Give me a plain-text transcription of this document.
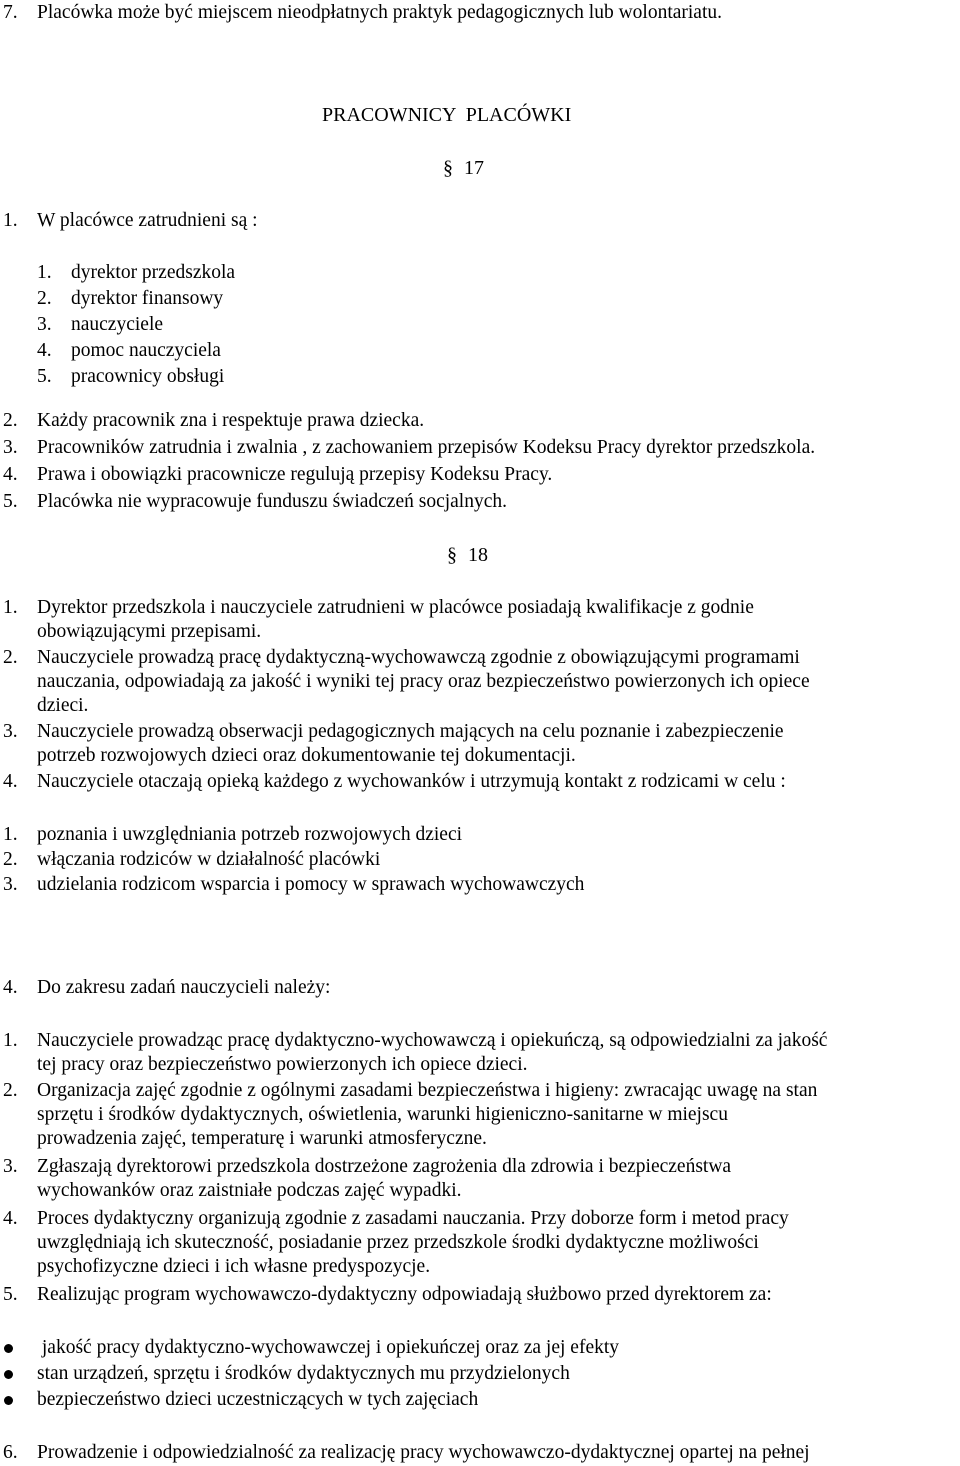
7. Placówka może być miejscem nieodpłatnych praktyk pedagogicznych lub wolontariatu.
PRACOWNICY  PLACÓWKI
§ 17
1. W placówce zatrudnieni są :
1. dyrektor przedszkola
2. dyrektor finansowy
3. nauczyciele
4. pomoc nauczyciela
5. pracownicy obsługi
2. Każdy pracownik zna i respektuje prawa dziecka.
3. Pracowników zatrudnia i zwalnia , z zachowaniem przepisów Kodeksu Pracy dyrektor przedszkola.
4. Prawa i obowiązki pracownicze regulują przepisy Kodeksu Pracy.
5. Placówka nie wypracowuje funduszu świadczeń socjalnych.
§ 18
1. Dyrektor przedszkola i nauczyciele zatrudnieni w placówce posiadają kwalifikacje z godnie
obowiązującymi przepisami.
2. Nauczyciele prowadzą pracę dydaktyczną-wychowawczą zgodnie z obowiązującymi programami
nauczania, odpowiadają za jakość i wyniki tej pracy oraz bezpieczeństwo powierzonych ich opiece
dzieci.
3. Nauczyciele prowadzą obserwacji pedagogicznych mających na celu poznanie i zabezpieczenie
potrzeb rozwojowych dzieci oraz dokumentowanie tej dokumentacji.
4. Nauczyciele otaczają opieką każdego z wychowanków i utrzymują kontakt z rodzicami w celu :
1. poznania i uwzględniania potrzeb rozwojowych dzieci
2. włączania rodziców w działalność placówki
3. udzielania rodzicom wsparcia i pomocy w sprawach wychowawczych
4. Do zakresu zadań nauczycieli należy:
1. Nauczyciele prowadząc pracę dydaktyczno-wychowawczą i opiekuńczą, są odpowiedzialni za jakość
tej pracy oraz bezpieczeństwo powierzonych ich opiece dzieci.
2. Organizacja zajęć zgodnie z ogólnymi zasadami bezpieczeństwa i higieny: zwracając uwagę na stan
sprzętu i środków dydaktycznych, oświetlenia, warunki higieniczno-sanitarne w miejscu
prowadzenia zajęć, temperaturę i warunki atmosferyczne.
3. Zgłaszają dyrektorowi przedszkola dostrzeżone zagrożenia dla zdrowia i bezpieczeństwa
wychowanków oraz zaistniałe podczas zajęć wypadki.
4. Proces dydaktyczny organizują zgodnie z zasadami nauczania. Przy doborze form i metod pracy
uwzględniają ich skuteczność, posiadanie przez przedszkole środki dydaktyczne możliwości
psychofizyczne dzieci i ich własne predyspozycje.
5. Realizując program wychowawczo-dydaktyczny odpowiadają służbowo przed dyrektorem za:
jakość pracy dydaktyczno-wychowawczej i opiekuńczej oraz za jej efekty
stan urządzeń, sprzętu i środków dydaktycznych mu przydzielonych
bezpieczeństwo dzieci uczestniczących w tych zajęciach
6. Prowadzenie i odpowiedzialność za realizację pracy wychowawczo-dydaktycznej opartej na pełnej
